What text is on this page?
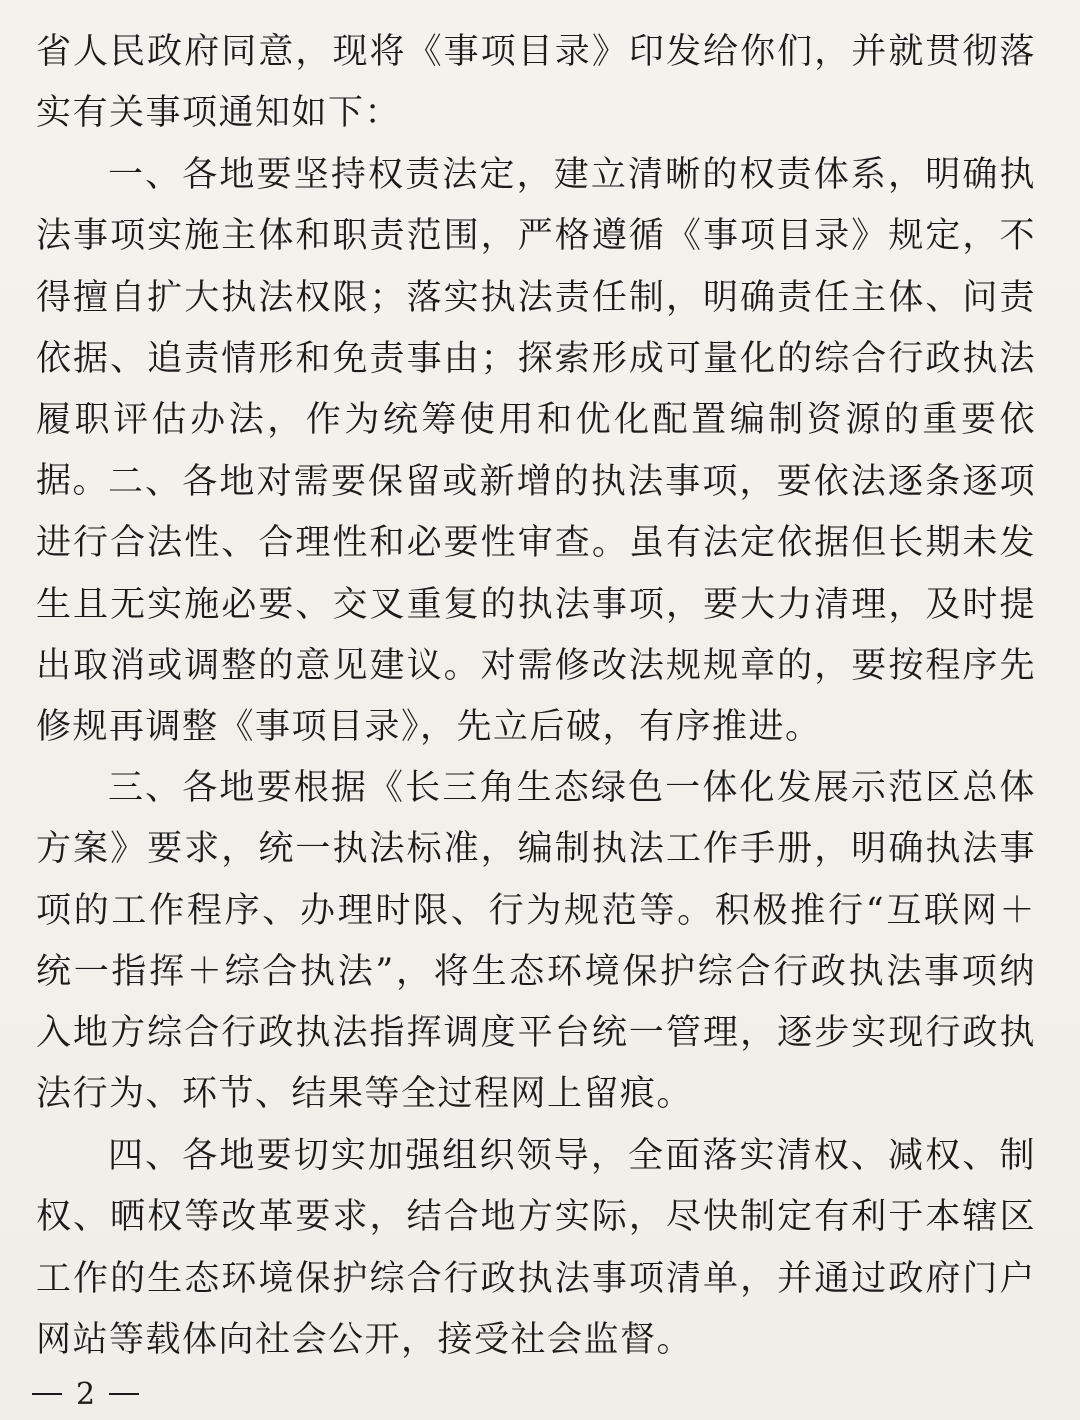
省人民政府同意，现将《事项目录》印发给你们，并就贯彻落实有关事项通知如下：

一、各地要坚持权责法定，建立清晰的权责体系，明确执法事项实施主体和职责范围，严格遵循《事项目录》规定，不得擅自扩大执法权限；落实执法责任制，明确责任主体、问责依据、追责情形和免责事由；探索形成可量化的综合行政执法履职评估办法，作为统筹使用和优化配置编制资源的重要依据。

二、各地对需要保留或新增的执法事项，要依法逐条逐项进行合法性、合理性和必要性审查。虽有法定依据但长期未发生且无实施必要、交叉重复的执法事项，要大力清理，及时提出取消或调整的意见建议。对需修改法规规章的，要按程序先修规再调整《事项目录》，先立后破，有序推进。

三、各地要根据《长三角生态绿色一体化发展示范区总体方案》要求，统一执法标准，编制执法工作手册，明确执法事项的工作程序、办理时限、行为规范等。积极推行“互联网＋统一指挥＋综合执法”，将生态环境保护综合行政执法事项纳入地方综合行政执法指挥调度平台统一管理，逐步实现行政执法行为、环节、结果等全过程网上留痕。

四、各地要切实加强组织领导，全面落实清权、减权、制权、晒权等改革要求，结合地方实际，尽快制定有利于本辖区工作的生态环境保护综合行政执法事项清单，并通过政府门户网站等载体向社会公开，接受社会监督。

2
